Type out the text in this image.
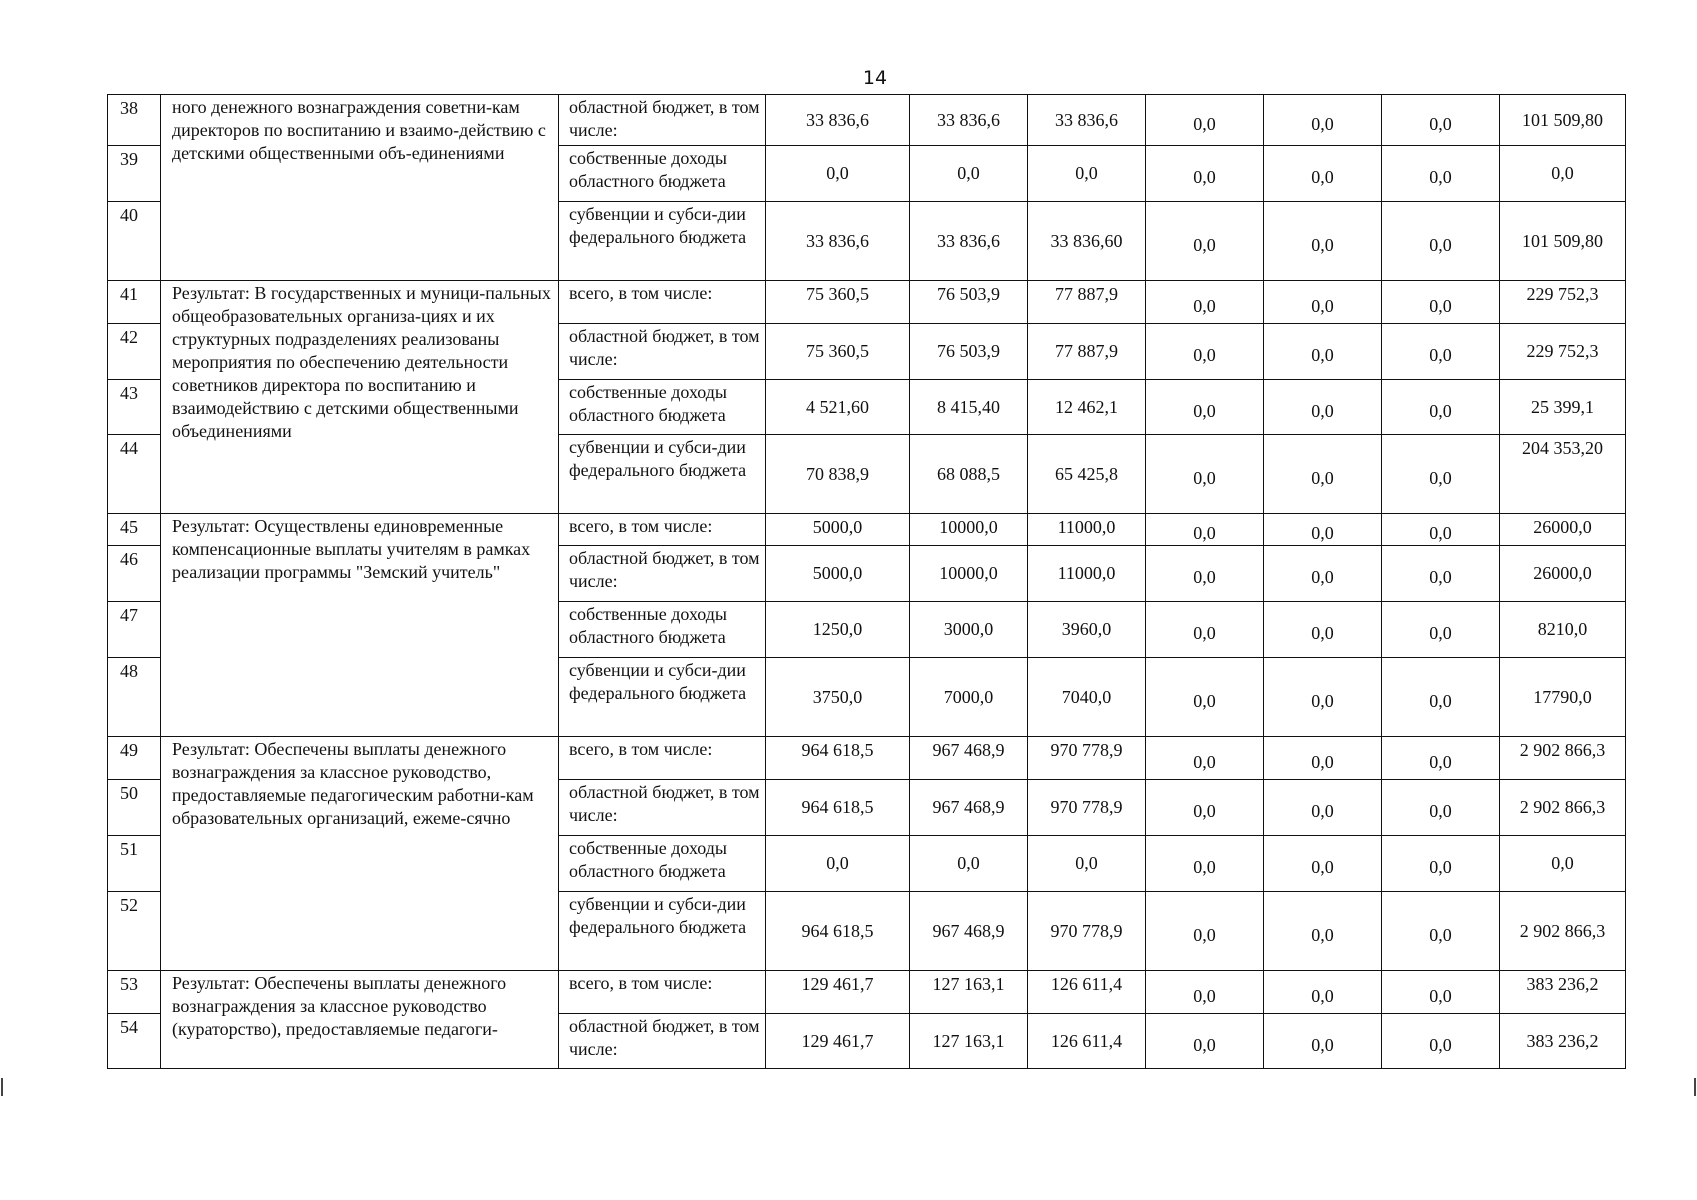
14
38	ного денежного вознаграждения советни-кам директоров по воспитанию и взаимо-действию с детскими общественными объ-единениями	областной бюджет, в том числе:	33 836,6	33 836,6	33 836,6	0,0	0,0	0,0	101 509,80
39		собственные доходы областного бюджета	0,0	0,0	0,0	0,0	0,0	0,0	0,0
40		субвенции и субси-дии федерального бюджета	33 836,6	33 836,6	33 836,60	0,0	0,0	0,0	101 509,80
41	Результат: В государственных и муници-пальных общеобразовательных организа-циях и их структурных подразделениях реализованы мероприятия по обеспечению деятельности советников директора по воспитанию и взаимодействию с детскими общественными объединениями	всего, в том числе:	75 360,5	76 503,9	77 887,9	0,0	0,0	0,0	229 752,3
42		областной бюджет, в том числе:	75 360,5	76 503,9	77 887,9	0,0	0,0	0,0	229 752,3
43		собственные доходы областного бюджета	4 521,60	8 415,40	12 462,1	0,0	0,0	0,0	25 399,1
44		субвенции и субси-дии федерального бюджета	70 838,9	68 088,5	65 425,8	0,0	0,0	0,0	204 353,20
45	Результат: Осуществлены единовременные компенсационные выплаты учителям в рамках реализации программы "Земский учитель"	всего, в том числе:	5000,0	10000,0	11000,0	0,0	0,0	0,0	26000,0
46		областной бюджет, в том числе:	5000,0	10000,0	11000,0	0,0	0,0	0,0	26000,0
47		собственные доходы областного бюджета	1250,0	3000,0	3960,0	0,0	0,0	0,0	8210,0
48		субвенции и субси-дии федерального бюджета	3750,0	7000,0	7040,0	0,0	0,0	0,0	17790,0
49	Результат: Обеспечены выплаты денежного вознаграждения за классное руководство, предоставляемые педагогическим работни-кам образовательных организаций, ежеме-сячно	всего, в том числе:	964 618,5	967 468,9	970 778,9	0,0	0,0	0,0	2 902 866,3
50		областной бюджет, в том числе:	964 618,5	967 468,9	970 778,9	0,0	0,0	0,0	2 902 866,3
51		собственные доходы областного бюджета	0,0	0,0	0,0	0,0	0,0	0,0	0,0
52		субвенции и субси-дии федерального бюджета	964 618,5	967 468,9	970 778,9	0,0	0,0	0,0	2 902 866,3
53	Результат: Обеспечены выплаты денежного вознаграждения за классное руководство (кураторство), предоставляемые педагоги-	всего, в том числе:	129 461,7	127 163,1	126 611,4	0,0	0,0	0,0	383 236,2
54		областной бюджет, в том числе:	129 461,7	127 163,1	126 611,4	0,0	0,0	0,0	383 236,2
